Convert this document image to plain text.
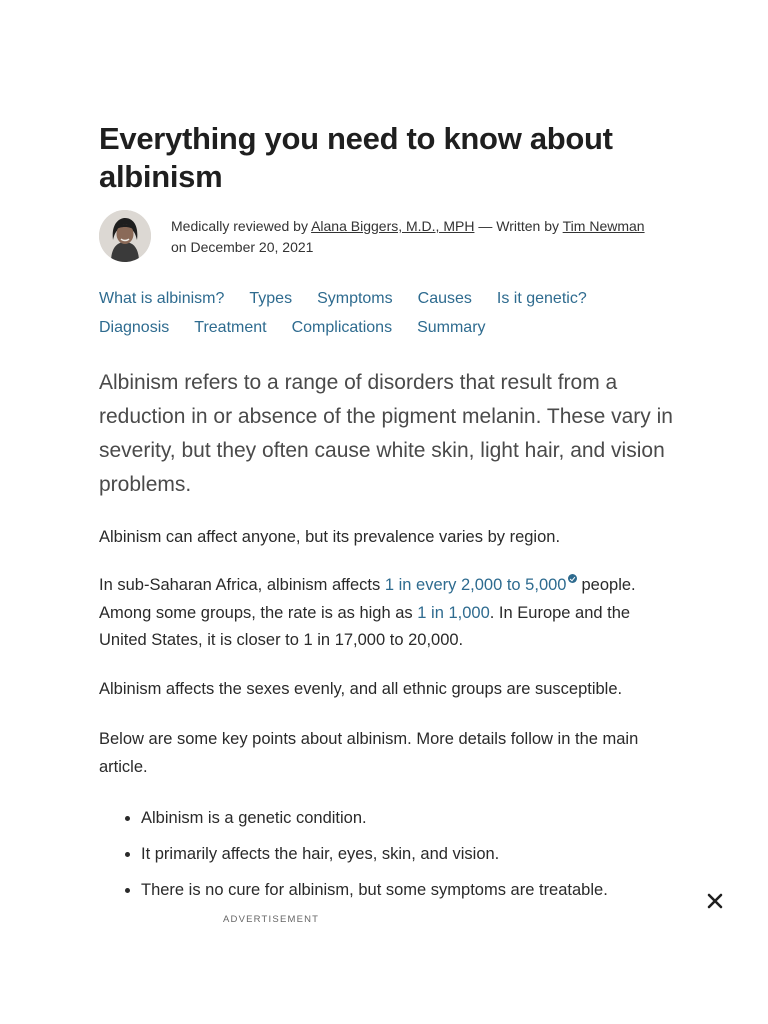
Everything you need to know about albinism
Medically reviewed by Alana Biggers, M.D., MPH — Written by Tim Newman
on December 20, 2021
What is albinism? Types Symptoms Causes Is it genetic?
Diagnosis Treatment Complications Summary

Albinism refers to a range of disorders that result from a reduction in or absence of the pigment melanin. These vary in severity, but they often cause white skin, light hair, and vision problems.

Albinism can affect anyone, but its prevalence varies by region.

In sub-Saharan Africa, albinism affects 1 in every 2,000 to 5,000 people. Among some groups, the rate is as high as 1 in 1,000. In Europe and the United States, it is closer to 1 in 17,000 to 20,000.

Albinism affects the sexes evenly, and all ethnic groups are susceptible.

Below are some key points about albinism. More details follow in the main article.

• Albinism is a genetic condition.
• It primarily affects the hair, eyes, skin, and vision.
• There is no cure for albinism, but some symptoms are treatable.
ADVERTISEMENT
